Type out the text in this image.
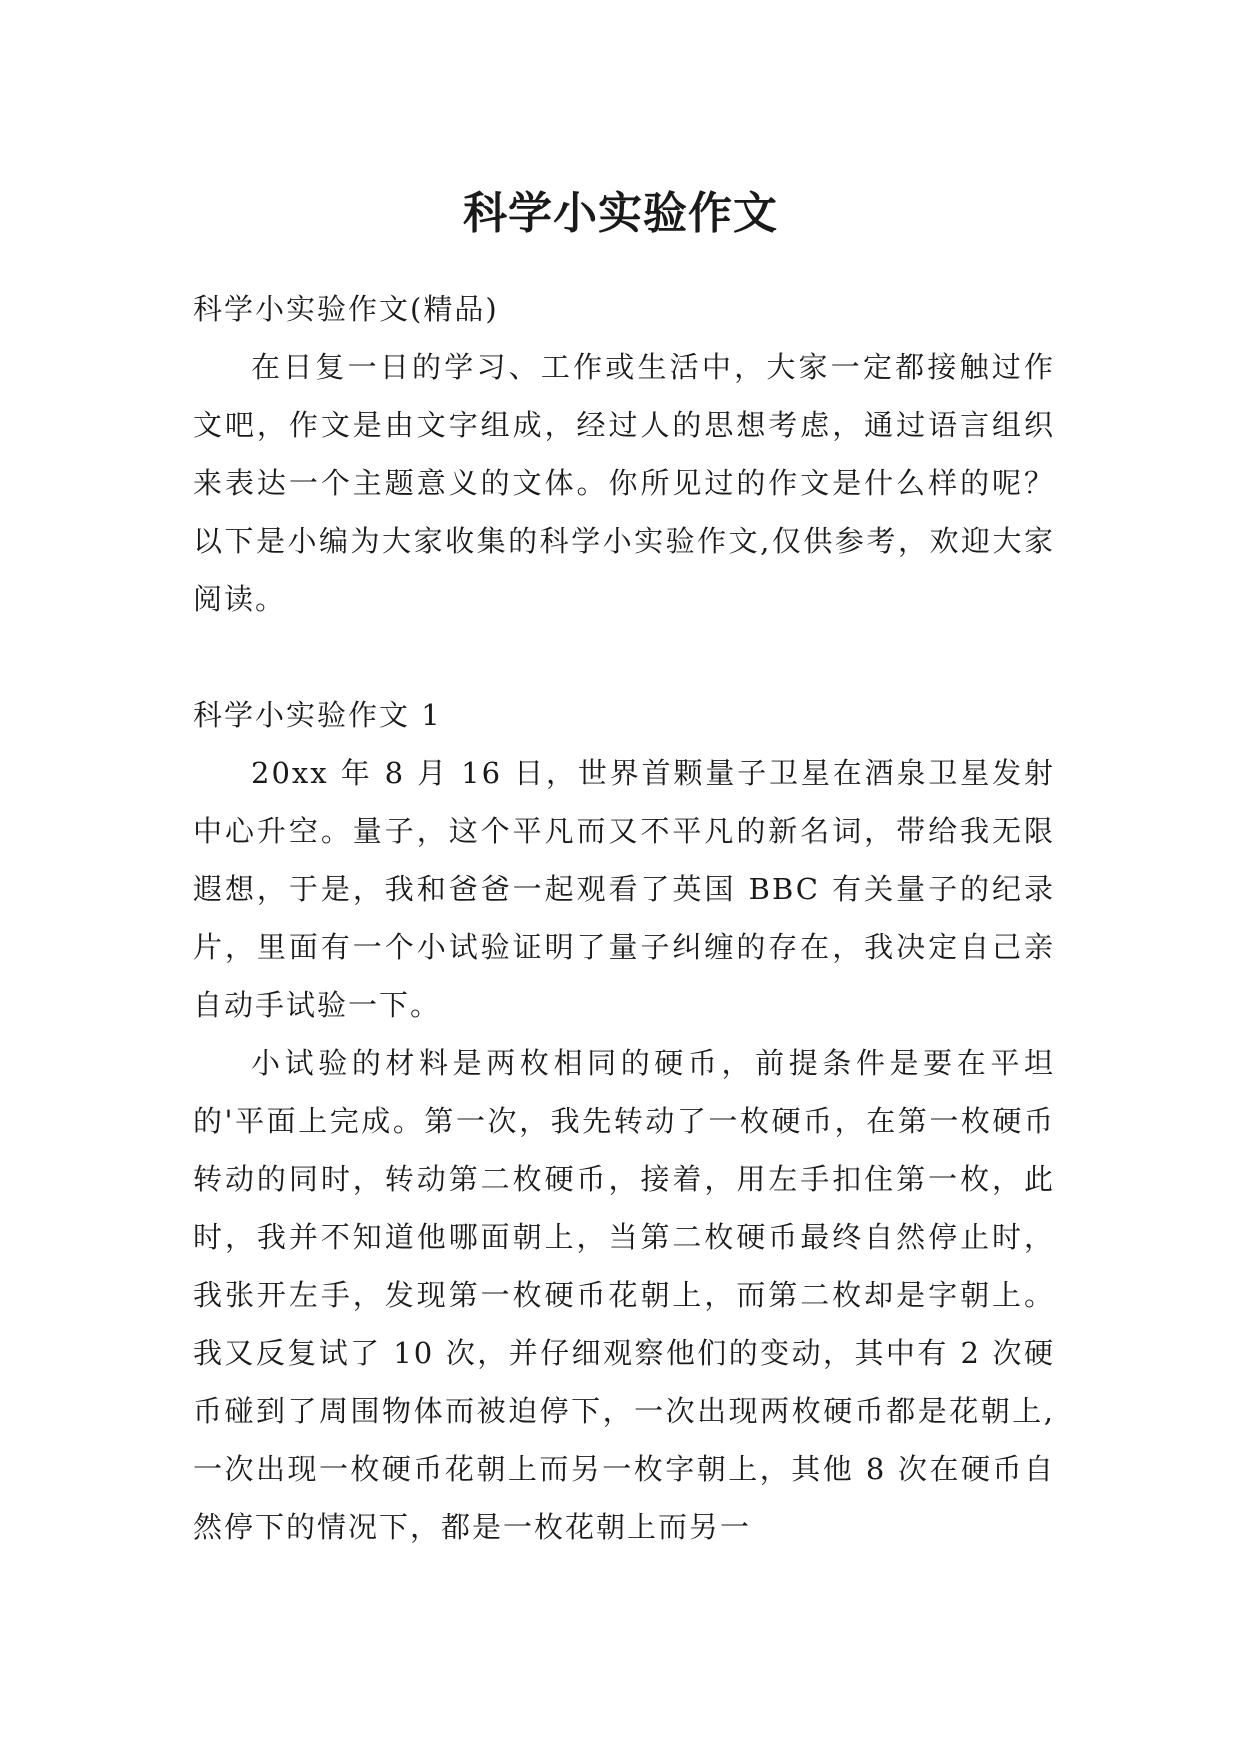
科学小实验作文

科学小实验作文(精品)

在日复一日的学习、工作或生活中，大家一定都接触过作文吧，作文是由文字组成，经过人的思想考虑，通过语言组织来表达一个主题意义的文体。你所见过的作文是什么样的呢？以下是小编为大家收集的科学小实验作文,仅供参考，欢迎大家阅读。

科学小实验作文 1

20xx 年 8 月 16 日，世界首颗量子卫星在酒泉卫星发射中心升空。量子，这个平凡而又不平凡的新名词，带给我无限遐想，于是，我和爸爸一起观看了英国 BBC 有关量子的纪录片，里面有一个小试验证明了量子纠缠的存在，我决定自己亲自动手试验一下。

小试验的材料是两枚相同的硬币，前提条件是要在平坦的'平面上完成。第一次，我先转动了一枚硬币，在第一枚硬币转动的同时，转动第二枚硬币，接着，用左手扣住第一枚，此时，我并不知道他哪面朝上，当第二枚硬币最终自然停止时，我张开左手，发现第一枚硬币花朝上，而第二枚却是字朝上。我又反复试了 10 次，并仔细观察他们的变动，其中有 2 次硬币碰到了周围物体而被迫停下，一次出现两枚硬币都是花朝上,一次出现一枚硬币花朝上而另一枚字朝上，其他 8 次在硬币自然停下的情况下，都是一枚花朝上而另一
